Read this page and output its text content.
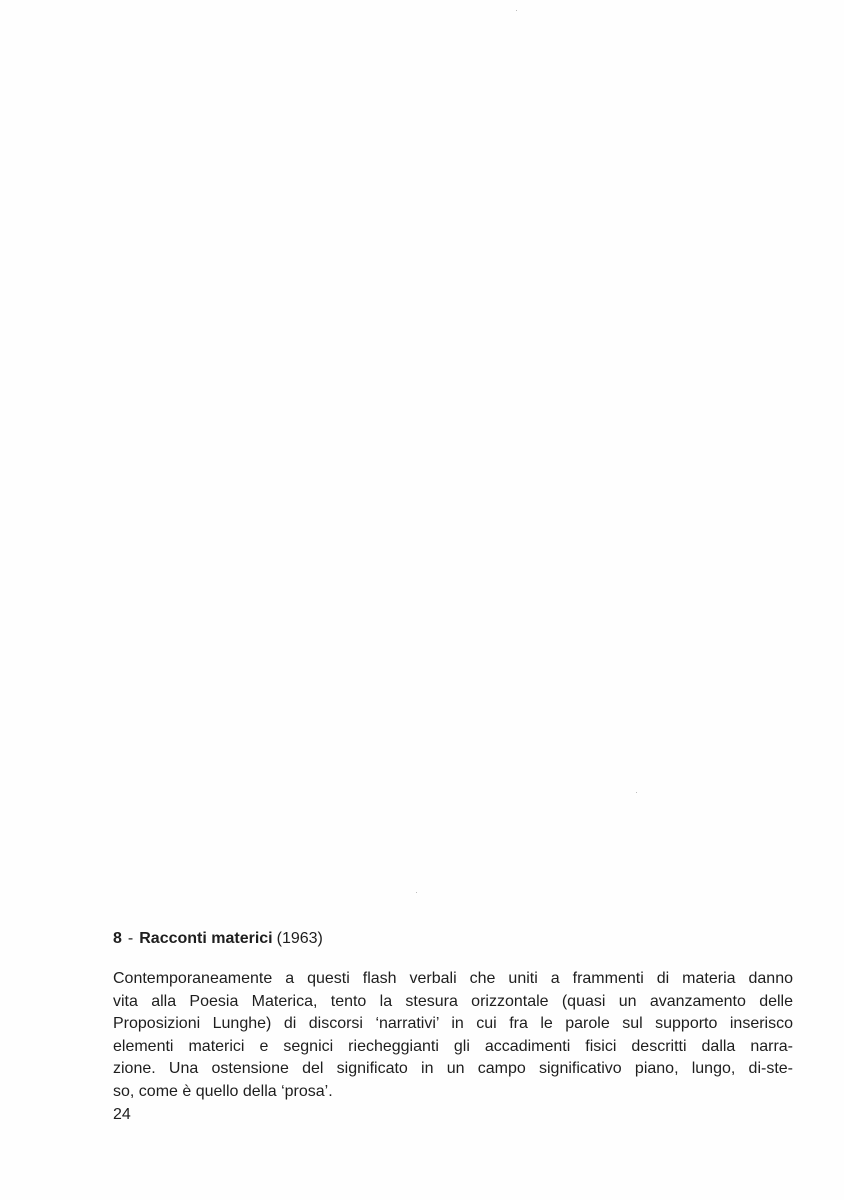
8 - Racconti materici (1963)

Contemporaneamente a questi flash verbali che uniti a frammenti di materia danno
vita alla Poesia Materica, tento la stesura orizzontale (quasi un avanzamento delle
Proposizioni Lunghe) di discorsi ‘narrativi’ in cui fra le parole sul supporto inserisco
elementi materici e segnici riecheggianti gli accadimenti fisici descritti dalla narra-
zione. Una ostensione del significato in un campo significativo piano, lungo, di-ste-
so, come è quello della ‘prosa’.

24
